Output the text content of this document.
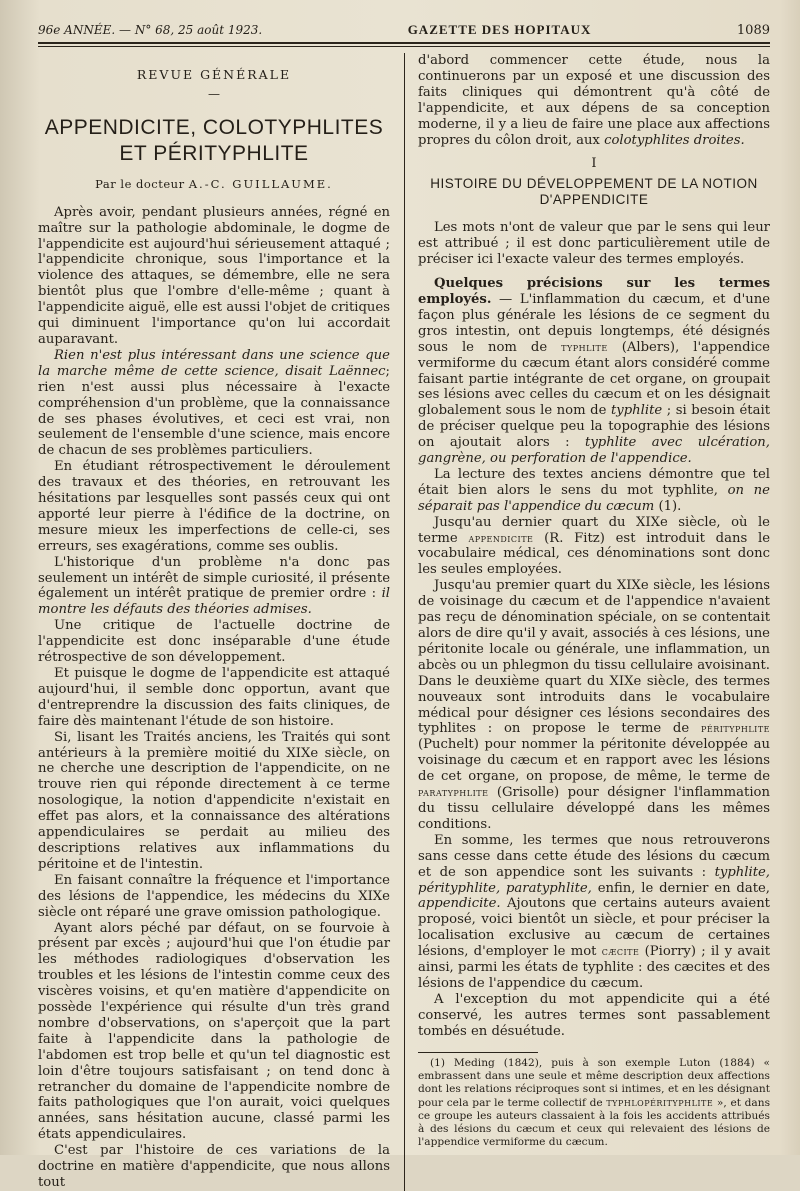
96e ANNÉE. — N° 68, 25 août 1923.	GAZETTE DES HOPITAUX	1089
REVUE GÉNÉRALE
—
APPENDICITE, COLOTYPHLITES
ET PÉRITYPHLITE
Par le docteur A.-C. GUILLAUME.

Après avoir, pendant plusieurs années, régné en maître sur la pathologie abdominale, le dogme de l'appendicite est aujourd'hui sérieusement attaqué ; l'appendicite chronique, sous l'importance et la violence des attaques, se démembre, elle ne sera bientôt plus que l'ombre d'elle-même ; quant à l'appendicite aiguë, elle est aussi l'objet de critiques qui diminuent l'importance qu'on lui accordait auparavant.

Rien n'est plus intéressant dans une science que la marche même de cette science, disait Laënnec; rien n'est aussi plus nécessaire à l'exacte compréhension d'un problème, que la connaissance de ses phases évolutives, et ceci est vrai, non seulement de l'ensemble d'une science, mais encore de chacun de ses problèmes particuliers.

En étudiant rétrospectivement le déroulement des travaux et des théories, en retrouvant les hésitations par lesquelles sont passés ceux qui ont apporté leur pierre à l'édifice de la doctrine, on mesure mieux les imperfections de celle-ci, ses erreurs, ses exagérations, comme ses oublis.

L'historique d'un problème n'a donc pas seulement un intérêt de simple curiosité, il présente également un intérêt pratique de premier ordre : il montre les défauts des théories admises.

Une critique de l'actuelle doctrine de l'appendicite est donc inséparable d'une étude rétrospective de son développement.

Et puisque le dogme de l'appendicite est attaqué aujourd'hui, il semble donc opportun, avant que d'entreprendre la discussion des faits cliniques, de faire dès maintenant l'étude de son histoire.

Si, lisant les Traités anciens, les Traités qui sont antérieurs à la première moitié du XIXe siècle, on ne cherche une description de l'appendicite, on ne trouve rien qui réponde directement à ce terme nosologique, la notion d'appendicite n'existait en effet pas alors, et la connaissance des altérations appendiculaires se perdait au milieu des descriptions relatives aux inflammations du péritoine et de l'intestin.

En faisant connaître la fréquence et l'importance des lésions de l'appendice, les médecins du XIXe siècle ont réparé une grave omission pathologique.

Ayant alors péché par défaut, on se fourvoie à présent par excès ; aujourd'hui que l'on étudie par les méthodes radiologiques d'observation les troubles et les lésions de l'intestin comme ceux des viscères voisins, et qu'en matière d'appendicite on possède l'expérience qui résulte d'un très grand nombre d'observations, on s'aperçoit que la part faite à l'appendicite dans la pathologie de l'abdomen est trop belle et qu'un tel diagnostic est loin d'être toujours satisfaisant ; on tend donc à retrancher du domaine de l'appendicite nombre de faits pathologiques que l'on aurait, voici quelques années, sans hésitation aucune, classé parmi les états appendiculaires.

C'est par l'histoire de ces variations de la doctrine en matière d'appendicite, que nous allons tout

d'abord commencer cette étude, nous la continuerons par un exposé et une discussion des faits cliniques qui démontrent qu'à côté de l'appendicite, et aux dépens de sa conception moderne, il y a lieu de faire une place aux affections propres du côlon droit, aux colotyphlites droites.

I
HISTOIRE DU DÉVELOPPEMENT DE LA NOTION
D'APPENDICITE

Les mots n'ont de valeur que par le sens qui leur est attribué ; il est donc particulièrement utile de préciser ici l'exacte valeur des termes employés.

Quelques précisions sur les termes employés. — L'inflammation du cæcum, et d'une façon plus générale les lésions de ce segment du gros intestin, ont depuis longtemps, été désignés sous le nom de typhlite (Albers), l'appendice vermiforme du cæcum étant alors considéré comme faisant partie intégrante de cet organe, on groupait ses lésions avec celles du cæcum et on les désignait globalement sous le nom de typhlite ; si besoin était de préciser quelque peu la topographie des lésions on ajoutait alors : typhlite avec ulcération, gangrène, ou perforation de l'appendice.

La lecture des textes anciens démontre que tel était bien alors le sens du mot typhlite, on ne séparait pas l'appendice du cæcum (1).

Jusqu'au dernier quart du XIXe siècle, où le terme appendicite (R. Fitz) est introduit dans le vocabulaire médical, ces dénominations sont donc les seules employées.

Jusqu'au premier quart du XIXe siècle, les lésions de voisinage du cæcum et de l'appendice n'avaient pas reçu de dénomination spéciale, on se contentait alors de dire qu'il y avait, associés à ces lésions, une péritonite locale ou générale, une inflammation, un abcès ou un phlegmon du tissu cellulaire avoisinant. Dans le deuxième quart du XIXe siècle, des termes nouveaux sont introduits dans le vocabulaire médical pour désigner ces lésions secondaires des typhlites : on propose le terme de pérityphlite (Puchelt) pour nommer la péritonite développée au voisinage du cæcum et en rapport avec les lésions de cet organe, on propose, de même, le terme de paratyphlite (Grisolle) pour désigner l'inflammation du tissu cellulaire développé dans les mêmes conditions.

En somme, les termes que nous retrouverons sans cesse dans cette étude des lésions du cæcum et de son appendice sont les suivants : typhlite, pérityphlite, paratyphlite, enfin, le dernier en date, appendicite. Ajoutons que certains auteurs avaient proposé, voici bientôt un siècle, et pour préciser la localisation exclusive au cæcum de certaines lésions, d'employer le mot cæcite (Piorry) ; il y avait ainsi, parmi les états de typhlite : des cæcites et des lésions de l'appendice du cæcum.

A l'exception du mot appendicite qui a été conservé, les autres termes sont passablement tombés en désuétude.

(1) Meding (1842), puis à son exemple Luton (1884) « embrassent dans une seule et même description deux affections dont les relations réciproques sont si intimes, et en les désignant pour cela par le terme collectif de typhlopérityphlite », et dans ce groupe les auteurs classaient à la fois les accidents attribués à des lésions du cæcum et ceux qui relevaient des lésions de l'appendice vermiforme du cæcum.
